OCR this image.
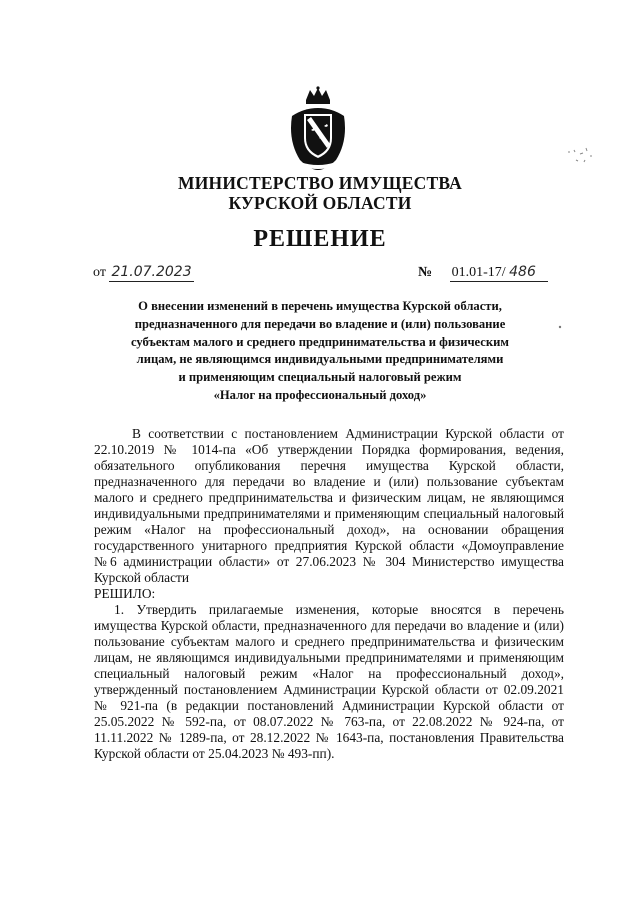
МИНИСТЕРСТВО ИМУЩЕСТВА
КУРСКОЙ ОБЛАСТИ
РЕШЕНИЕ
от 21.07.2023	№ 01.01-17/ 486
О внесении изменений в перечень имущества Курской области,
предназначенного для передачи во владение и (или) пользование
субъектам малого и среднего предпринимательства и физическим
лицам, не являющимся индивидуальными предпринимателями
и применяющим специальный налоговый режим
«Налог на профессиональный доход»

В соответствии с постановлением Администрации Курской области от 22.10.2019 № 1014-па «Об утверждении Порядка формирования, ведения, обязательного опубликования перечня имущества Курской области, предназначенного для передачи во владение и (или) пользование субъектам малого и среднего предпринимательства и физическим лицам, не являющимся индивидуальными предпринимателями и применяющим специальный налоговый режим «Налог на профессиональный доход», на основании обращения государственного унитарного предприятия Курской области «Домоуправление №6 администрации области» от 27.06.2023 № 304 Министерство имущества Курской области

РЕШИЛО:

1. Утвердить прилагаемые изменения, которые вносятся в перечень имущества Курской области, предназначенного для передачи во владение и (или) пользование субъектам малого и среднего предпринимательства и физическим лицам, не являющимся индивидуальными предпринимателями и применяющим специальный налоговый режим «Налог на профессиональный доход», утвержденный постановлением Администрации Курской области от 02.09.2021 № 921-па (в редакции постановлений Администрации Курской области от 25.05.2022 № 592-па, от 08.07.2022 № 763-па, от 22.08.2022 № 924-па, от 11.11.2022 № 1289-па, от 28.12.2022 № 1643-па, постановления Правительства Курской области от 25.04.2023 № 493-пп).
